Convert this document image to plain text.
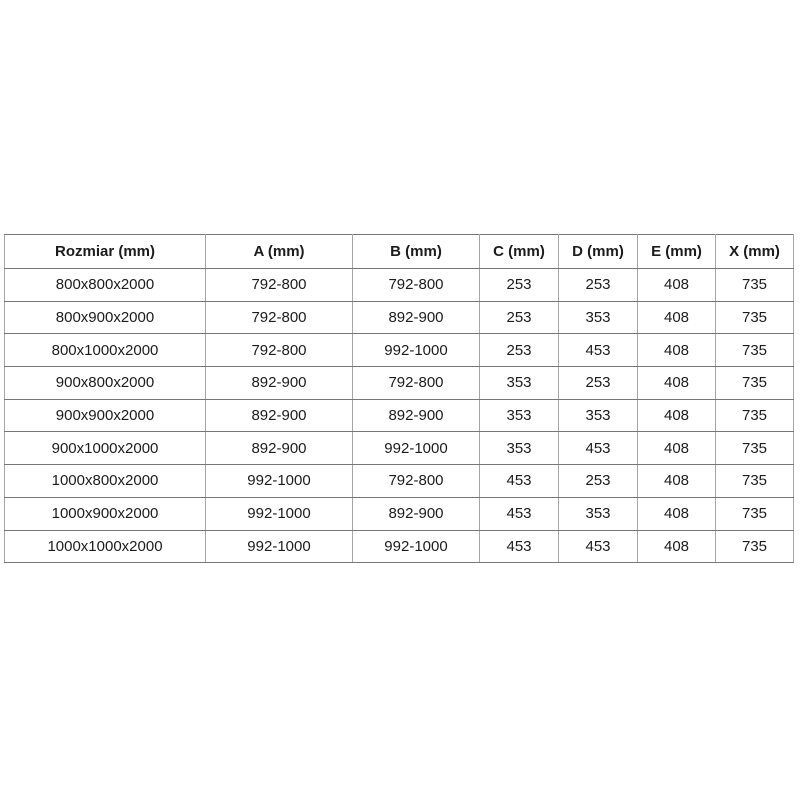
Rozmiar (mm)	A (mm)	B (mm)	C (mm)	D (mm)	E (mm)	X (mm)
800x800x2000	792-800	792-800	253	253	408	735
800x900x2000	792-800	892-900	253	353	408	735
800x1000x2000	792-800	992-1000	253	453	408	735
900x800x2000	892-900	792-800	353	253	408	735
900x900x2000	892-900	892-900	353	353	408	735
900x1000x2000	892-900	992-1000	353	453	408	735
1000x800x2000	992-1000	792-800	453	253	408	735
1000x900x2000	992-1000	892-900	453	353	408	735
1000x1000x2000	992-1000	992-1000	453	453	408	735
